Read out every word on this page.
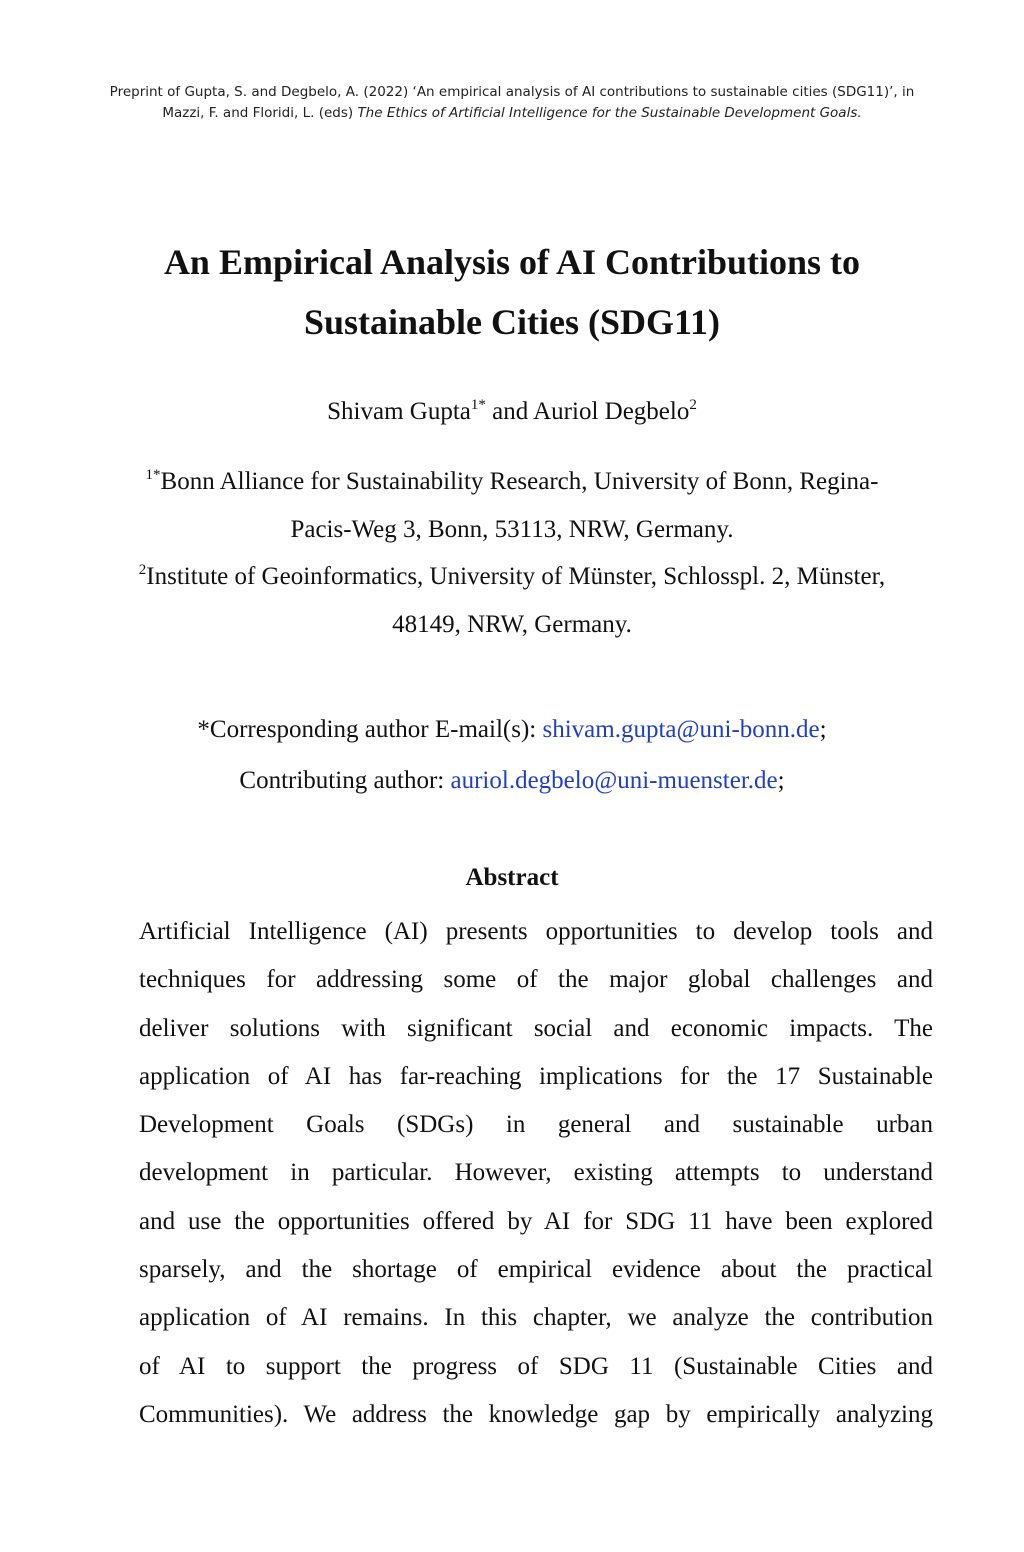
Preprint of Gupta, S. and Degbelo, A. (2022) ‘An empirical analysis of AI contributions to sustainable cities (SDG11)’, in
Mazzi, F. and Floridi, L. (eds) The Ethics of Artificial Intelligence for the Sustainable Development Goals.
An Empirical Analysis of AI Contributions to
Sustainable Cities (SDG11)
Shivam Gupta$^{1*}$ and Auriol Degbelo$^2$
$^{1*}$Bonn Alliance for Sustainability Research, University of Bonn, Regina-
Pacis-Weg 3, Bonn, 53113, NRW, Germany.
$^2$Institute of Geoinformatics, University of Münster, Schlosspl. 2, Münster,
48149, NRW, Germany.
*Corresponding author E-mail(s): shivam.gupta@uni-bonn.de;
Contributing author: auriol.degbelo@uni-muenster.de;
Abstract
Artificial Intelligence (AI) presents opportunities to develop tools and
techniques for addressing some of the major global challenges and
deliver solutions with significant social and economic impacts. The
application of AI has far-reaching implications for the 17 Sustainable
Development Goals (SDGs) in general and sustainable urban
development in particular. However, existing attempts to understand
and use the opportunities offered by AI for SDG 11 have been explored
sparsely, and the shortage of empirical evidence about the practical
application of AI remains. In this chapter, we analyze the contribution
of AI to support the progress of SDG 11 (Sustainable Cities and
Communities). We address the knowledge gap by empirically analyzing
